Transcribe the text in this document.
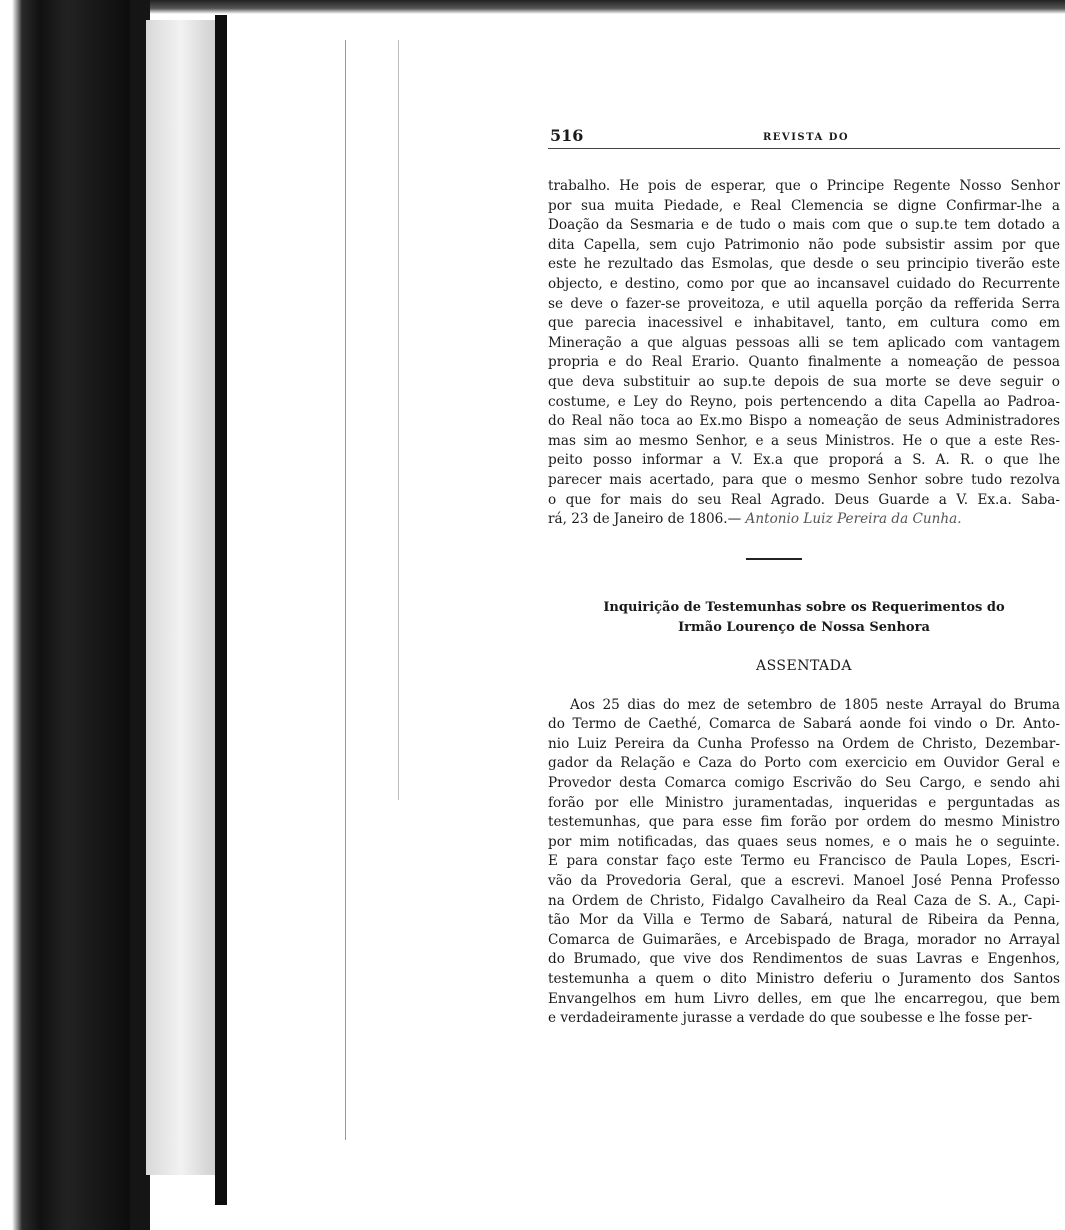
516	REVISTA DO
trabalho. He pois de esperar, que o Principe Regente Nosso Senhor
por sua muita Piedade, e Real Clemencia se digne Confirmar-lhe a
Doação da Sesmaria e de tudo o mais com que o sup.te tem dotado a
dita Capella, sem cujo Patrimonio não pode subsistir assim por que
este he rezultado das Esmolas, que desde o seu principio tiverão este
objecto, e destino, como por que ao incansavel cuidado do Recurrente
se deve o fazer-se proveitoza, e util aquella porção da refferida Serra
que parecia inacessivel e inhabitavel, tanto, em cultura como em
Mineração a que alguas pessoas alli se tem aplicado com vantagem
propria e do Real Erario. Quanto finalmente a nomeação de pessoa
que deva substituir ao sup.te depois de sua morte se deve seguir o
costume, e Ley do Reyno, pois pertencendo a dita Capella ao Padroa-
do Real não toca ao Ex.mo Bispo a nomeação de seus Administradores
mas sim ao mesmo Senhor, e a seus Ministros. He o que a este Res-
peito posso informar a V. Ex.a que proporá a S. A. R. o que lhe
parecer mais acertado, para que o mesmo Senhor sobre tudo rezolva
o que for mais do seu Real Agrado. Deus Guarde a V. Ex.a. Saba-
rá, 23 de Janeiro de 1806.— Antonio Luiz Pereira da Cunha.
Inquirição de Testemunhas sobre os Requerimentos do
Irmão Lourenço de Nossa Senhora
ASSENTADA
Aos 25 dias do mez de setembro de 1805 neste Arrayal do Bruma
do Termo de Caethé, Comarca de Sabará aonde foi vindo o Dr. Anto-
nio Luiz Pereira da Cunha Professo na Ordem de Christo, Dezembar-
gador da Relação e Caza do Porto com exercicio em Ouvidor Geral e
Provedor desta Comarca comigo Escrivão do Seu Cargo, e sendo ahi
forão por elle Ministro juramentadas, inqueridas e perguntadas as
testemunhas, que para esse fim forão por ordem do mesmo Ministro
por mim notificadas, das quaes seus nomes, e o mais he o seguinte.
E para constar faço este Termo eu Francisco de Paula Lopes, Escri-
vão da Provedoria Geral, que a escrevi. Manoel José Penna Professo
na Ordem de Christo, Fidalgo Cavalheiro da Real Caza de S. A., Capi-
tão Mor da Villa e Termo de Sabará, natural de Ribeira da Penna,
Comarca de Guimarães, e Arcebispado de Braga, morador no Arrayal
do Brumado, que vive dos Rendimentos de suas Lavras e Engenhos,
testemunha a quem o dito Ministro deferiu o Juramento dos Santos
Envangelhos em hum Livro delles, em que lhe encarregou, que bem
e verdadeiramente jurasse a verdade do que soubesse e lhe fosse per-
